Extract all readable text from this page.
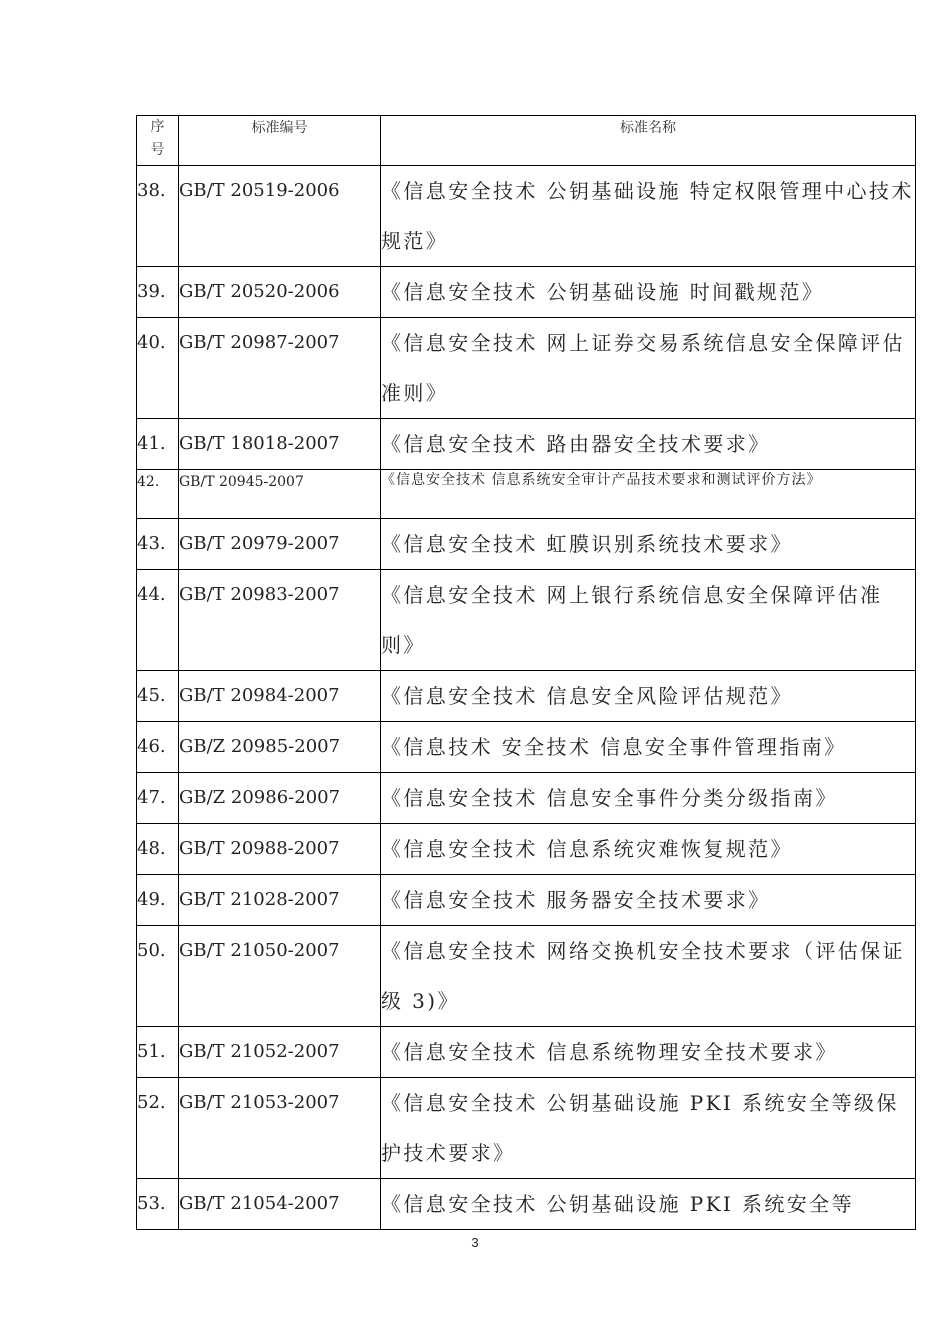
序号	标准编号	标准名称
38.	GB/T 20519-2006	《信息安全技术 公钥基础设施 特定权限管理中心技术规范》
39.	GB/T 20520-2006	《信息安全技术 公钥基础设施 时间戳规范》
40.	GB/T 20987-2007	《信息安全技术 网上证券交易系统信息安全保障评估准则》
41.	GB/T 18018-2007	《信息安全技术 路由器安全技术要求》
42.	GB/T 20945-2007	《信息安全技术 信息系统安全审计产品技术要求和测试评价方法》
43.	GB/T 20979-2007	《信息安全技术 虹膜识别系统技术要求》
44.	GB/T 20983-2007	《信息安全技术 网上银行系统信息安全保障评估准则》
45.	GB/T 20984-2007	《信息安全技术 信息安全风险评估规范》
46.	GB/Z 20985-2007	《信息技术 安全技术 信息安全事件管理指南》
47.	GB/Z 20986-2007	《信息安全技术 信息安全事件分类分级指南》
48.	GB/T 20988-2007	《信息安全技术 信息系统灾难恢复规范》
49.	GB/T 21028-2007	《信息安全技术 服务器安全技术要求》
50.	GB/T 21050-2007	《信息安全技术 网络交换机安全技术要求（评估保证级 3)》
51.	GB/T 21052-2007	《信息安全技术 信息系统物理安全技术要求》
52.	GB/T 21053-2007	《信息安全技术 公钥基础设施 PKI 系统安全等级保护技术要求》
53.	GB/T 21054-2007	《信息安全技术 公钥基础设施 PKI 系统安全等
3
